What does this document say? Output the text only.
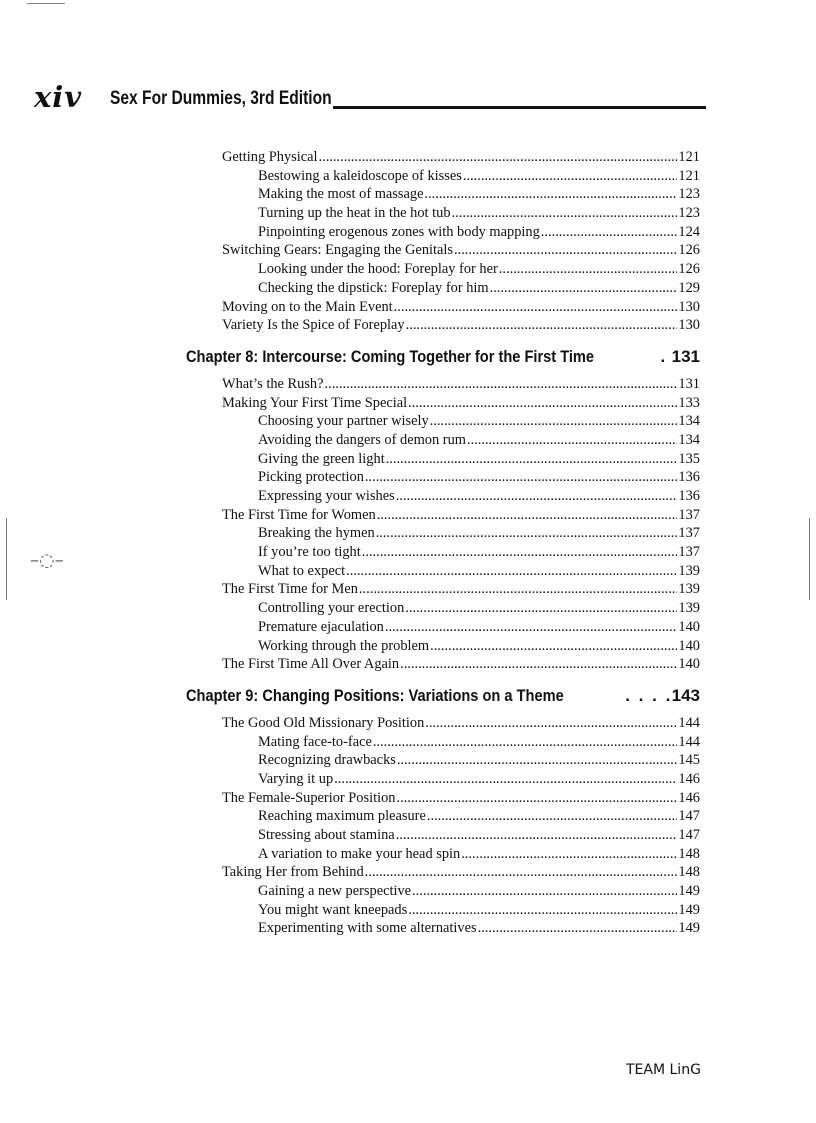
–◌–
xiv Sex For Dummies, 3rd Edition
Getting Physical .....	121
Bestowing a kaleidoscope of kisses .....	121
Making the most of massage .....	123
Turning up the heat in the hot tub .....	123
Pinpointing erogenous zones with body mapping .....	124
Switching Gears: Engaging the Genitals .....	126
Looking under the hood: Foreplay for her .....	126
Checking the dipstick: Foreplay for him .....	129
Moving on to the Main Event .....	130
Variety Is the Spice of Foreplay .....	130
Chapter 8: Intercourse: Coming Together for the First Time . . .	131
What’s the Rush? .....	131
Making Your First Time Special .....	133
Choosing your partner wisely .....	134
Avoiding the dangers of demon rum .....	134
Giving the green light .....	135
Picking protection .....	136
Expressing your wishes .....	136
The First Time for Women .....	137
Breaking the hymen .....	137
If you’re too tight .....	137
What to expect .....	139
The First Time for Men .....	139
Controlling your erection .....	139
Premature ejaculation .....	140
Working through the problem .....	140
The First Time All Over Again .....	140
Chapter 9: Changing Positions: Variations on a Theme . . .	143
The Good Old Missionary Position .....	144
Mating face-to-face .....	144
Recognizing drawbacks .....	145
Varying it up .....	146
The Female-Superior Position .....	146
Reaching maximum pleasure .....	147
Stressing about stamina .....	147
A variation to make your head spin .....	148
Taking Her from Behind .....	148
Gaining a new perspective .....	149
You might want kneepads .....	149
Experimenting with some alternatives .....	149
TEAM LinG
